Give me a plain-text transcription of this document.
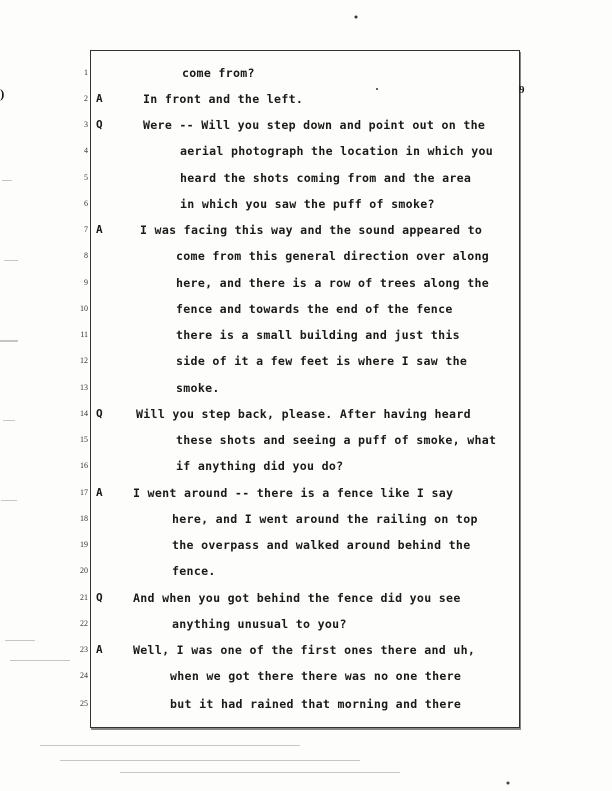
)	9
1	come from?
2 A	In front and the left.
3 Q	Were -- Will you step down and point out on the
4	aerial photograph the location in which you
5	heard the shots coming from and the area
6	in which you saw the puff of smoke?
7 A	I was facing this way and the sound appeared to
8	come from this general direction over along
9	here, and there is a row of trees along the
10	fence and towards the end of the fence
11	there is a small building and just this
12	side of it a few feet is where I saw the
13	smoke.
14 Q	Will you step back, please. After having heard
15	these shots and seeing a puff of smoke, what
16	if anything did you do?
17 A	I went around -- there is a fence like I say
18	here, and I went around the railing on top
19	the overpass and walked around behind the
20	fence.
21 Q	And when you got behind the fence did you see
22	anything unusual to you?
23 A	Well, I was one of the first ones there and uh,
24	when we got there there was no one there
25	but it had rained that morning and there
